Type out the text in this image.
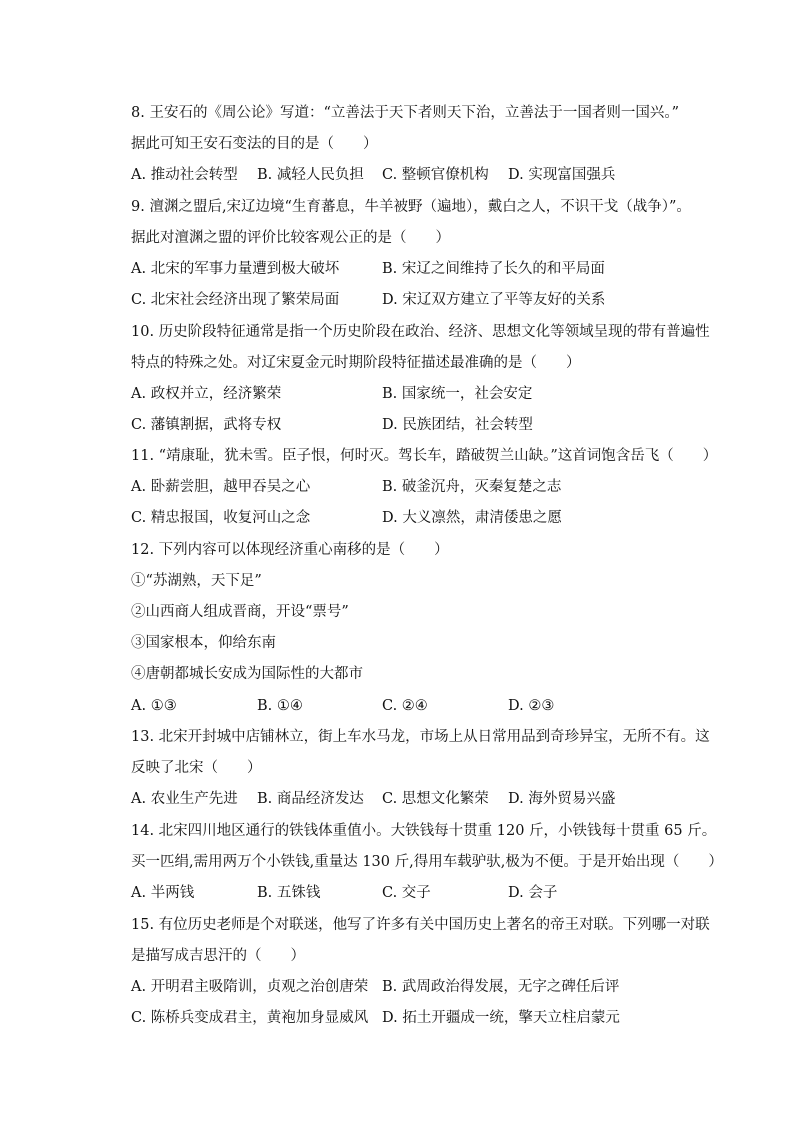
8. 王安石的《周公论》写道：“立善法于天下者则天下治，立善法于一国者则一国兴。”
据此可知王安石变法的目的是（　　）
A. 推动社会转型 B. 减轻人民负担 C. 整顿官僚机构 D. 实现富国强兵
9. 澶渊之盟后,宋辽边境“生育蕃息，牛羊被野（遍地），戴白之人，不识干戈（战争）”。
据此对澶渊之盟的评价比较客观公正的是（　　）
A. 北宋的军事力量遭到极大破坏	B. 宋辽之间维持了长久的和平局面
C. 北宋社会经济出现了繁荣局面	D. 宋辽双方建立了平等友好的关系
10. 历史阶段特征通常是指一个历史阶段在政治、经济、思想文化等领域呈现的带有普遍性
特点的特殊之处。对辽宋夏金元时期阶段特征描述最准确的是（　　）
A. 政权并立，经济繁荣	B. 国家统一，社会安定
C. 藩镇割据，武将专权	D. 民族团结，社会转型
11. “靖康耻，犹未雪。臣子恨，何时灭。驾长车，踏破贺兰山缺。”这首词饱含岳飞（　　）
A. 卧薪尝胆，越甲吞吴之心	B. 破釜沉舟，灭秦复楚之志
C. 精忠报国，收复河山之念	D. 大义凛然，肃清倭患之愿
12. 下列内容可以体现经济重心南移的是（　　）
①“苏湖熟，天下足”
②山西商人组成晋商，开设“票号”
③国家根本，仰给东南
④唐朝都城长安成为国际性的大都市
A. ①③	B. ①④	C. ②④	D. ②③
13. 北宋开封城中店铺林立，街上车水马龙，市场上从日常用品到奇珍异宝，无所不有。这
反映了北宋（　　）
A. 农业生产先进 B. 商品经济发达 C. 思想文化繁荣 D. 海外贸易兴盛
14. 北宋四川地区通行的铁钱体重值小。大铁钱每十贯重 120 斤，小铁钱每十贯重 65 斤。
买一匹绢,需用两万个小铁钱,重量达 130 斤,得用车载驴驮,极为不便。于是开始出现（　　）
A. 半两钱	B. 五铢钱	C. 交子	D. 会子
15. 有位历史老师是个对联迷，他写了许多有关中国历史上著名的帝王对联。下列哪一对联
是描写成吉思汗的（　　）
A. 开明君主吸隋训，贞观之治创唐荣 B. 武周政治得发展，无字之碑任后评
C. 陈桥兵变成君主，黄袍加身显威风 D. 拓土开疆成一统，擎天立柱启蒙元
